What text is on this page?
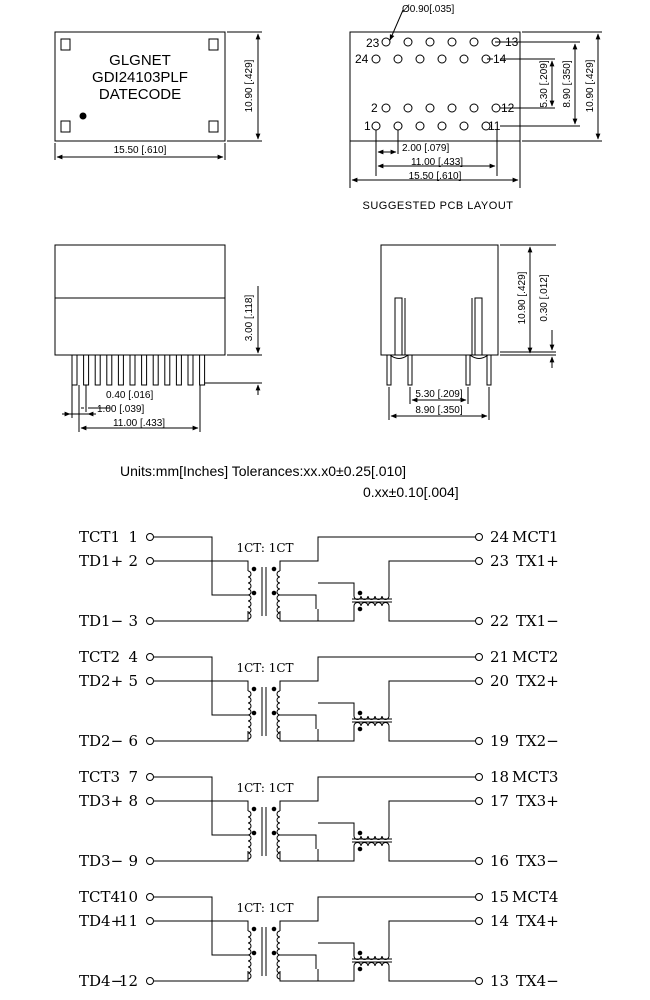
GLGNET
GDI24103PLF
DATECODE
15.50 [.610]
10.90 [.429]
Ø0.90[.035]
23	13
24	14
2	12
1	11
2.00 [.079]
11.00 [.433]
15.50 [.610]
5.30 [.209] 8.90 [.350] 10.90 [.429]
SUGGESTED PCB LAYOUT
3.00 [.118]
0.40 [.016]
1.00 [.039]
11.00 [.433]
10.90 [.429] 0.30 [.012]
5.30 [.209]
8.90 [.350]
Units:mm[Inches] Tolerances:xx.x0±0.25[.010]
0.xx±0.10[.004]
TCT1 1
TD1+ 2
TD1− 3
24 MCT1
23 TX1+
22 TX1−
1CT: 1CT
TCT2 4
TD2+ 5
TD2− 6
21 MCT2
20 TX2+
19 TX2−
1CT: 1CT
TCT3 7
TD3+ 8
TD3− 9
18 MCT3
17 TX3+
16 TX3−
1CT: 1CT
TCT4
10
TD4+
11
TD4−
12
15 MCT4
14 TX4+
13 TX4−
1CT: 1CT
